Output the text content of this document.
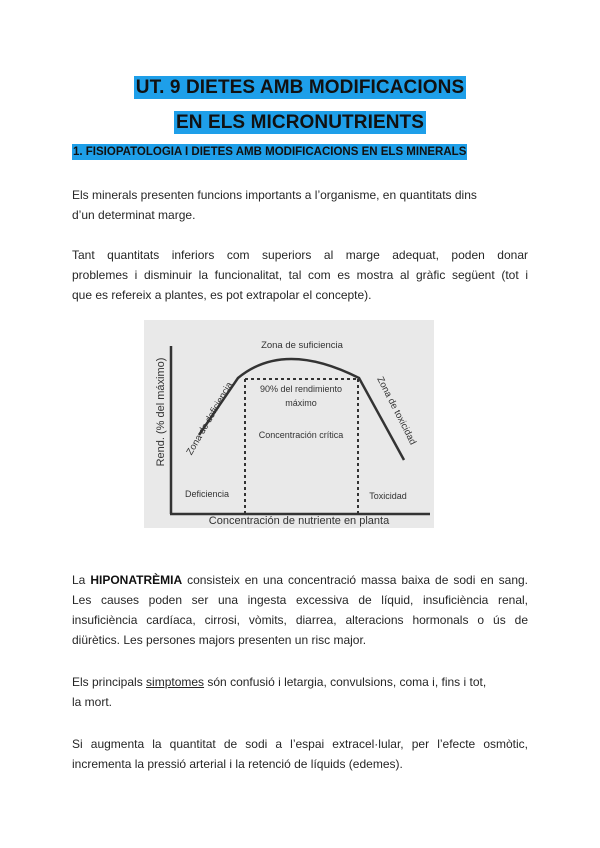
UT. 9 DIETES AMB MODIFICACIONS
EN ELS MICRONUTRIENTS
1. FISIOPATOLOGIA I DIETES AMB MODIFICACIONS EN ELS MINERALS
Els minerals presenten funcions importants a l’organisme, en quantitats dins
d’un determinat marge.
Tant quantitats inferiors com superiors al marge adequat, poden donar
problemes i disminuir la funcionalitat, tal com es mostra al gràfic següent (tot i
que es refereix a plantes, es pot extrapolar el concepte).
Rend. (% del máximo)
Concentración de nutriente en planta
Zona de suficiencia
Zona de deficiencia	Zona de toxicidad
90% del rendimiento
máximo
Concentración crítica
Deficiencia	Toxicidad
La HIPONATRÈMIA consisteix en una concentració massa baixa de sodi en sang.
Les causes poden ser una ingesta excessiva de líquid, insuficiència renal,
insuficiència cardíaca, cirrosi, vòmits, diarrea, alteracions hormonals o ús de
diürètics. Les persones majors presenten un risc major.
Els principals simptomes són confusió i letargia, convulsions, coma i, fins i tot,
la mort.
Si augmenta la quantitat de sodi a l’espai extracel·lular, per l’efecte osmòtic,
incrementa la pressió arterial i la retenció de líquids (edemes).
